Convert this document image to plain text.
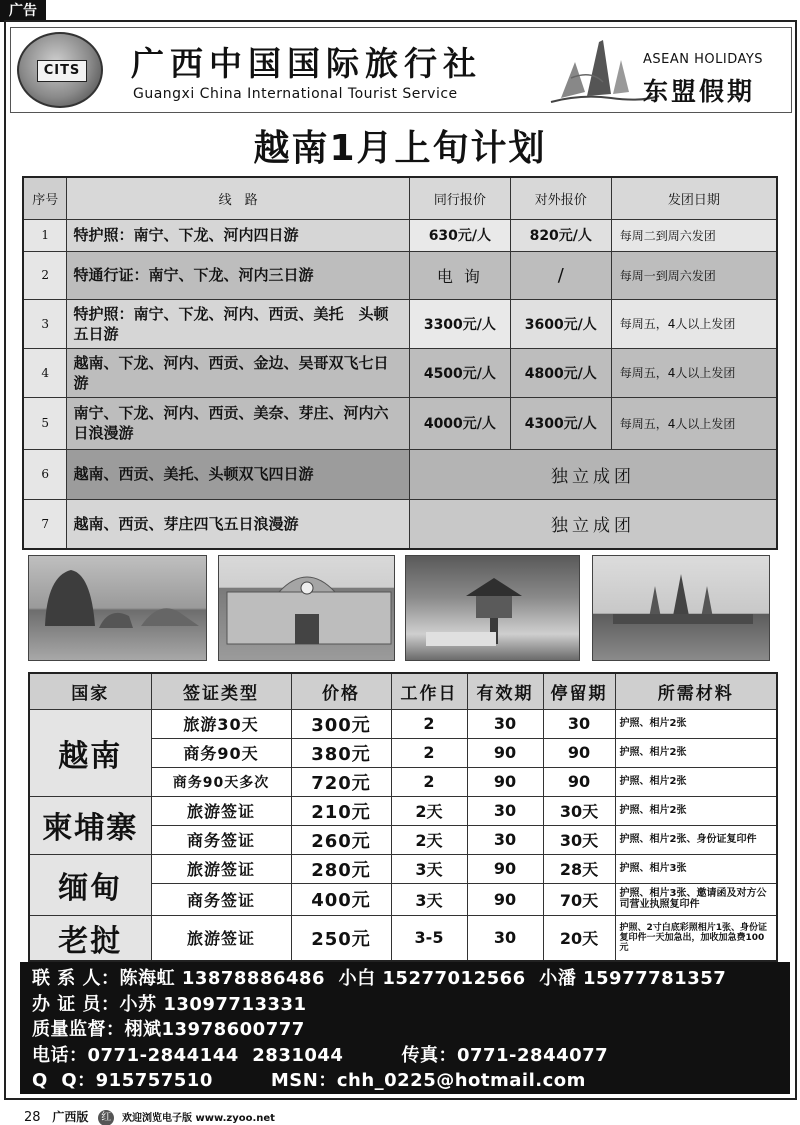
广告
CITS 广西中国国际旅行社
Guangxi China International Tourist Service
ASEAN HOLIDAYS
东盟假期
越南1月上旬计划
序号	线　路	同行报价	对外报价	发团日期
1	特护照：南宁、下龙、河内四日游	630元/人	820元/人	每周二到周六发团
2	特通行证：南宁、下龙、河内三日游	电 询	/	每周一到周六发团
3	特护照：南宁、下龙、河内、西贡、美托　头顿五日游	3300元/人	3600元/人	每周五，4人以上发团
4	越南、下龙、河内、西贡、金边、吴哥双飞七日游	4500元/人	4800元/人	每周五，4人以上发团
5	南宁、下龙、河内、西贡、美奈、芽庄、河内六日浪漫游	4000元/人	4300元/人	每周五，4人以上发团
6	越南、西贡、美托、头顿双飞四日游	独立成团		
7	越南、西贡、芽庄四飞五日浪漫游	独立成团		
国家	签证类型	价格	工作日	有效期	停留期	所需材料
越南	旅游30天	300元	2	30	30	护照、相片2张
	商务90天	380元	2	90	90	护照、相片2张
	商务90天多次	720元	2	90	90	护照、相片2张
柬埔寨	旅游签证	210元	2天	30	30天	护照、相片2张
	商务签证	260元	2天	30	30天	护照、相片2张、身份证复印件
缅甸	旅游签证	280元	3天	90	28天	护照、相片3张
	商务签证	400元	3天	90	70天	护照、相片3张、邀请函及对方公司营业执照复印件
老挝	旅游签证	250元	3-5	30	20天	护照、2寸白底彩照相片1张、身份证复印件一天加急出，加收加急费100元
联 系 人：陈海虹 13878886486 小白 15277012566 小潘 15977781357
办 证 员：小苏 13097713331
质量监督：栩斌13978600777
电话：0771-2844144  2831044	传真：0771-2844077
Q  Q：915757510	MSN：chh_0225@hotmail.com
28 广西版 红 欢迎浏览电子版 www.zyoo.net
